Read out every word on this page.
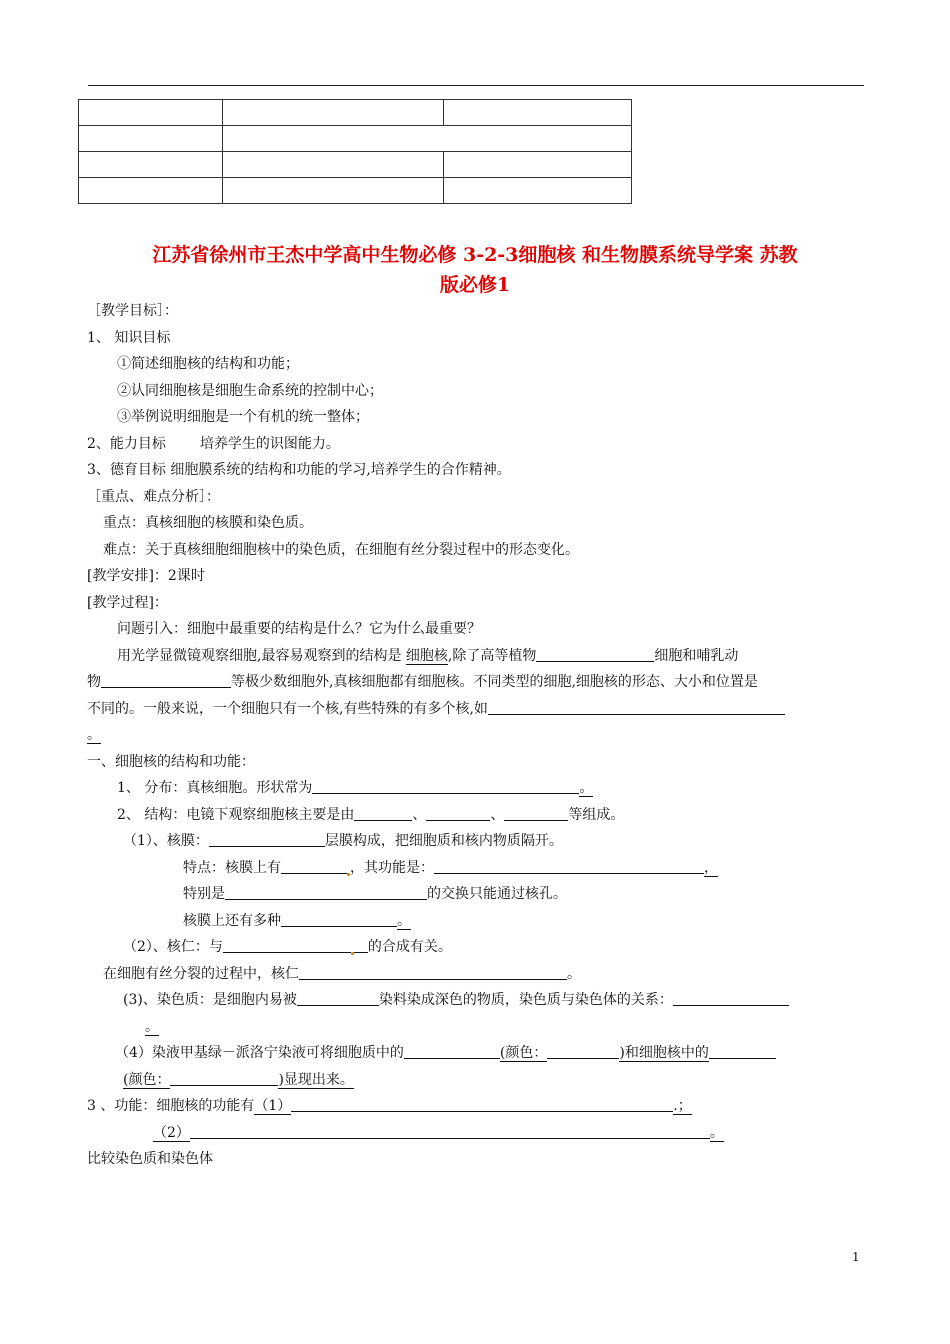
江苏省徐州市王杰中学高中生物必修 3-2-3细胞核 和生物膜系统导学案 苏教
版必修1
［教学目标］：
1、 知识目标
①简述细胞核的结构和功能；
②认同细胞核是细胞生命系统的控制中心；
③举例说明细胞是一个有机的统一整体；
2、能力目标 培养学生的识图能力。
3、德育目标 细胞膜系统的结构和功能的学习,培养学生的合作精神。
［重点、难点分析］：
重点：真核细胞的核膜和染色质。
难点：关于真核细胞细胞核中的染色质，在细胞有丝分裂过程中的形态变化。
[教学安排]：2课时
[教学过程]：
问题引入：细胞中最重要的结构是什么？它为什么最重要？
用光学显微镜观察细胞,最容易观察到的结构是 细胞核,除了高等植物	细胞和哺乳动
物	等极少数细胞外,真核细胞都有细胞核。不同类型的细胞,细胞核的形态、大小和位置是
不同的。一般来说，一个细胞只有一个核,有些特殊的有多个核,如
。
一、细胞核的结构和功能：
1、 分布：真核细胞。形状常为	。
2、 结构：电镜下观察细胞核主要是由	、	、	等组成。
（1）、核膜：	层膜构成，把细胞质和核内物质隔开。
特点：核膜上有	，其功能是：	，
特别是	的交换只能通过核孔。
核膜上还有多种	。
（2）、核仁：与	的合成有关。
在细胞有丝分裂的过程中，核仁	。
(3)、染色质：是细胞内易被	染料染成深色的物质，染色质与染色体的关系：
。
（4）染液甲基绿－派洛宁染液可将细胞质中的	(颜色：	)和细胞核中的
(颜色：	)显现出来。
3 、功能：细胞核的功能有（1）	.；
（2）	。
比较染色质和染色体
1
